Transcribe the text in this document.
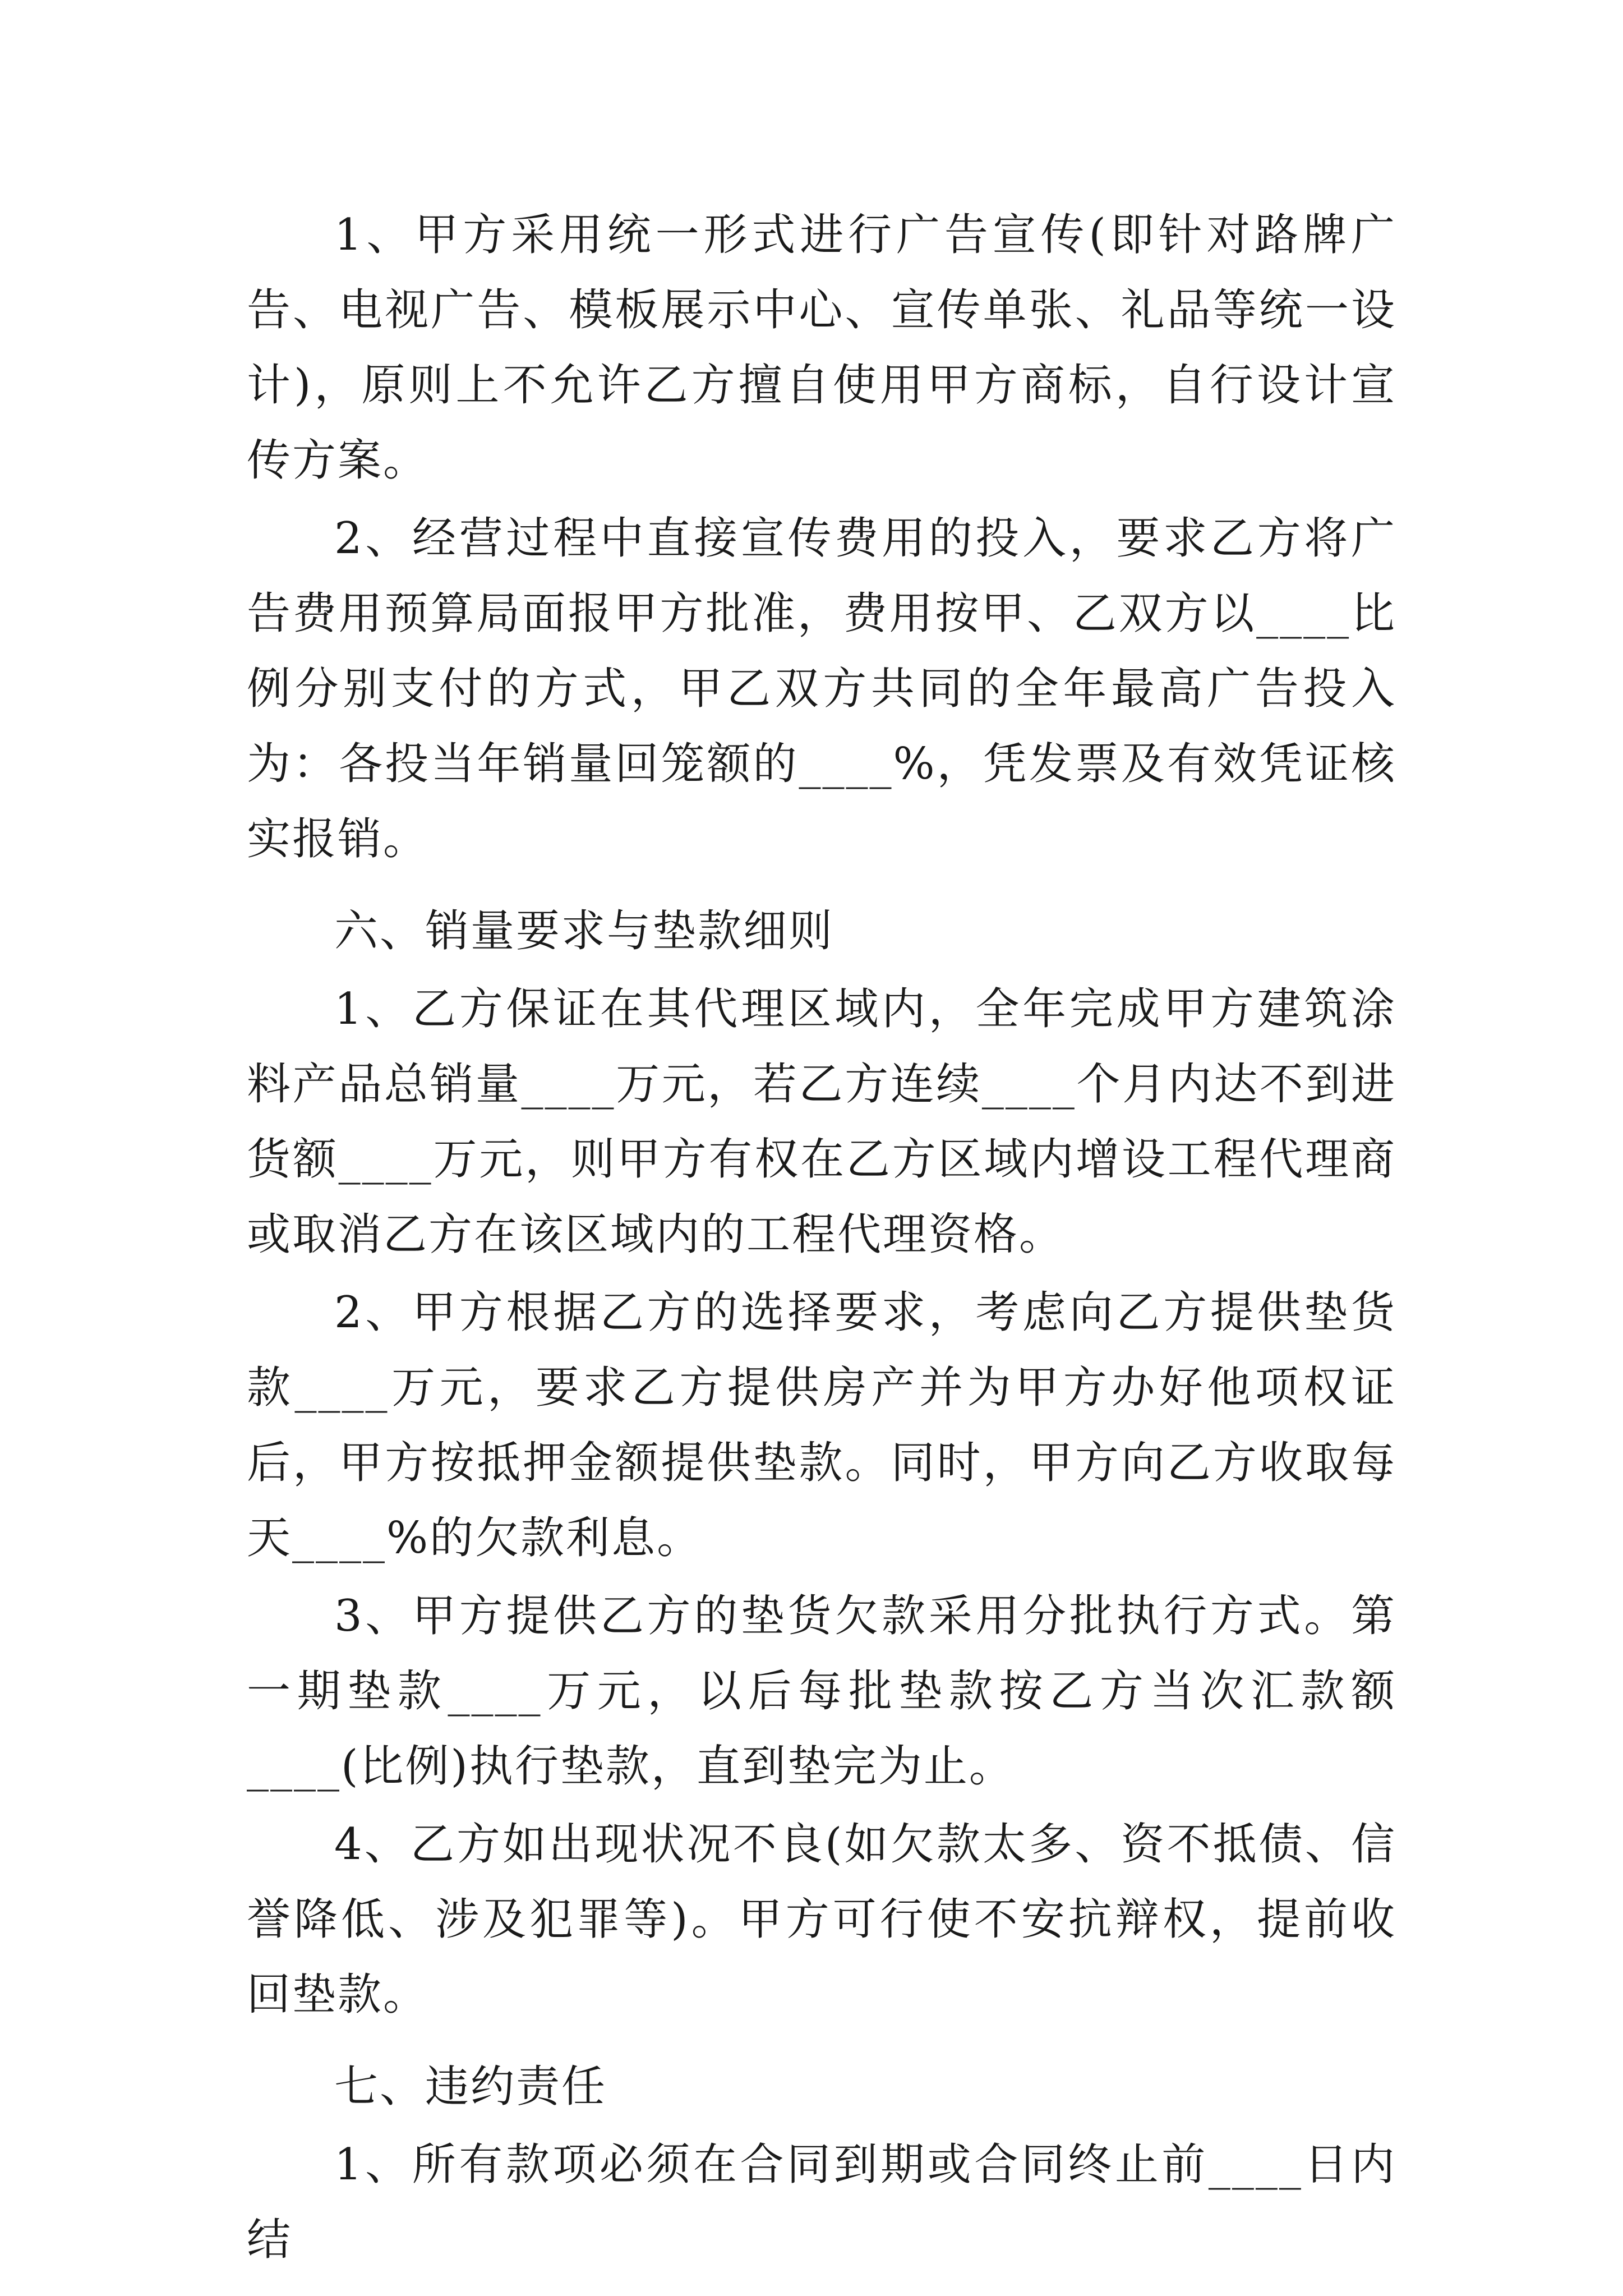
1、甲方采用统一形式进行广告宣传(即针对路牌广告、电视广告、模板展示中心、宣传单张、礼品等统一设计)，原则上不允许乙方擅自使用甲方商标，自行设计宣传方案。

2、经营过程中直接宣传费用的投入，要求乙方将广告费用预算局面报甲方批准，费用按甲、乙双方以____比例分别支付的方式，甲乙双方共同的全年最高广告投入为：各投当年销量回笼额的____%，凭发票及有效凭证核实报销。

六、销量要求与垫款细则

1、乙方保证在其代理区域内，全年完成甲方建筑涂料产品总销量____万元，若乙方连续____个月内达不到进货额____万元，则甲方有权在乙方区域内增设工程代理商或取消乙方在该区域内的工程代理资格。

2、甲方根据乙方的选择要求，考虑向乙方提供垫货款____万元，要求乙方提供房产并为甲方办好他项权证后，甲方按抵押金额提供垫款。同时，甲方向乙方收取每天____%的欠款利息。

3、甲方提供乙方的垫货欠款采用分批执行方式。第一期垫款____万元，以后每批垫款按乙方当次汇款额____(比例)执行垫款，直到垫完为止。

4、乙方如出现状况不良(如欠款太多、资不抵债、信誉降低、涉及犯罪等)。甲方可行使不安抗辩权，提前收回垫款。

七、违约责任

1、所有款项必须在合同到期或合同终止前____日内结
